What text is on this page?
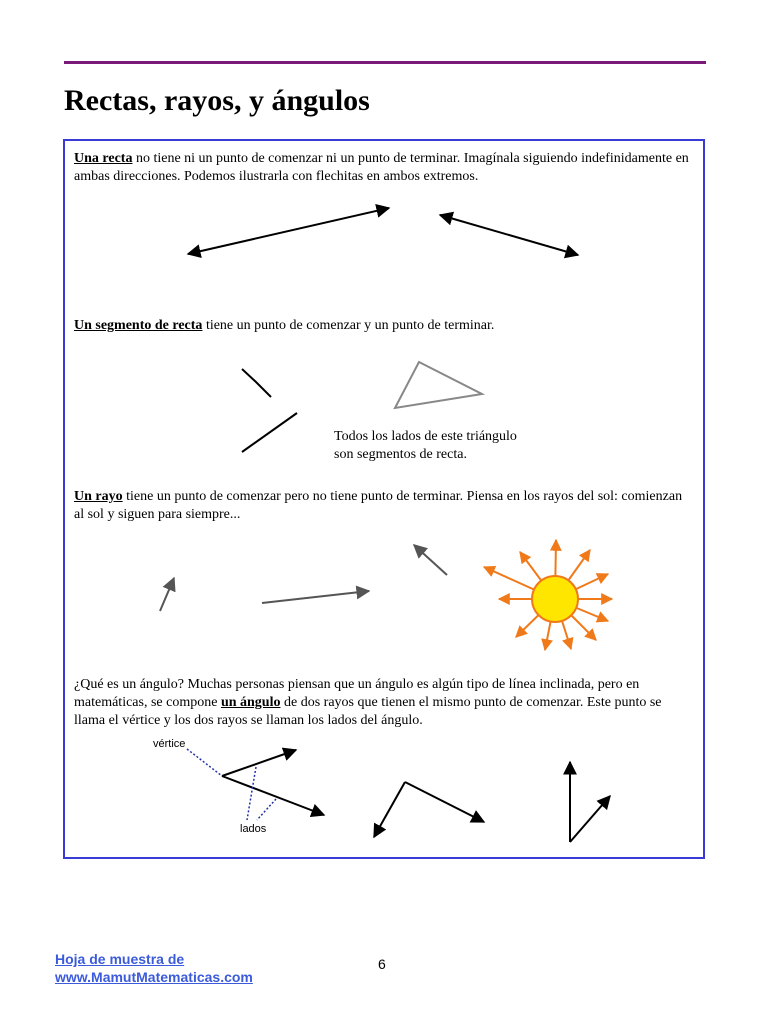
Rectas, rayos, y ángulos

Una recta no tiene ni un punto de comenzar ni un punto de terminar. Imagínala siguiendo indefinidamente en ambas direcciones. Podemos ilustrarla con flechitas en ambos extremos.

Un segmento de recta tiene un punto de comenzar y un punto de terminar.

Todos los lados de este triángulo
son segmentos de recta.

Un rayo tiene un punto de comenzar pero no tiene punto de terminar. Piensa en los rayos del sol: comienzan al sol y siguen para siempre...

¿Qué es un ángulo? Muchas personas piensan que un ángulo es algún tipo de línea inclinada, pero en matemáticas, se compone un ángulo de dos rayos que tienen el mismo punto de comenzar. Este punto se llama el vértice y los dos rayos se llaman los lados del ángulo.

vértice
lados
Hoja de muestra de
www.MamutMatematicas.com
6
